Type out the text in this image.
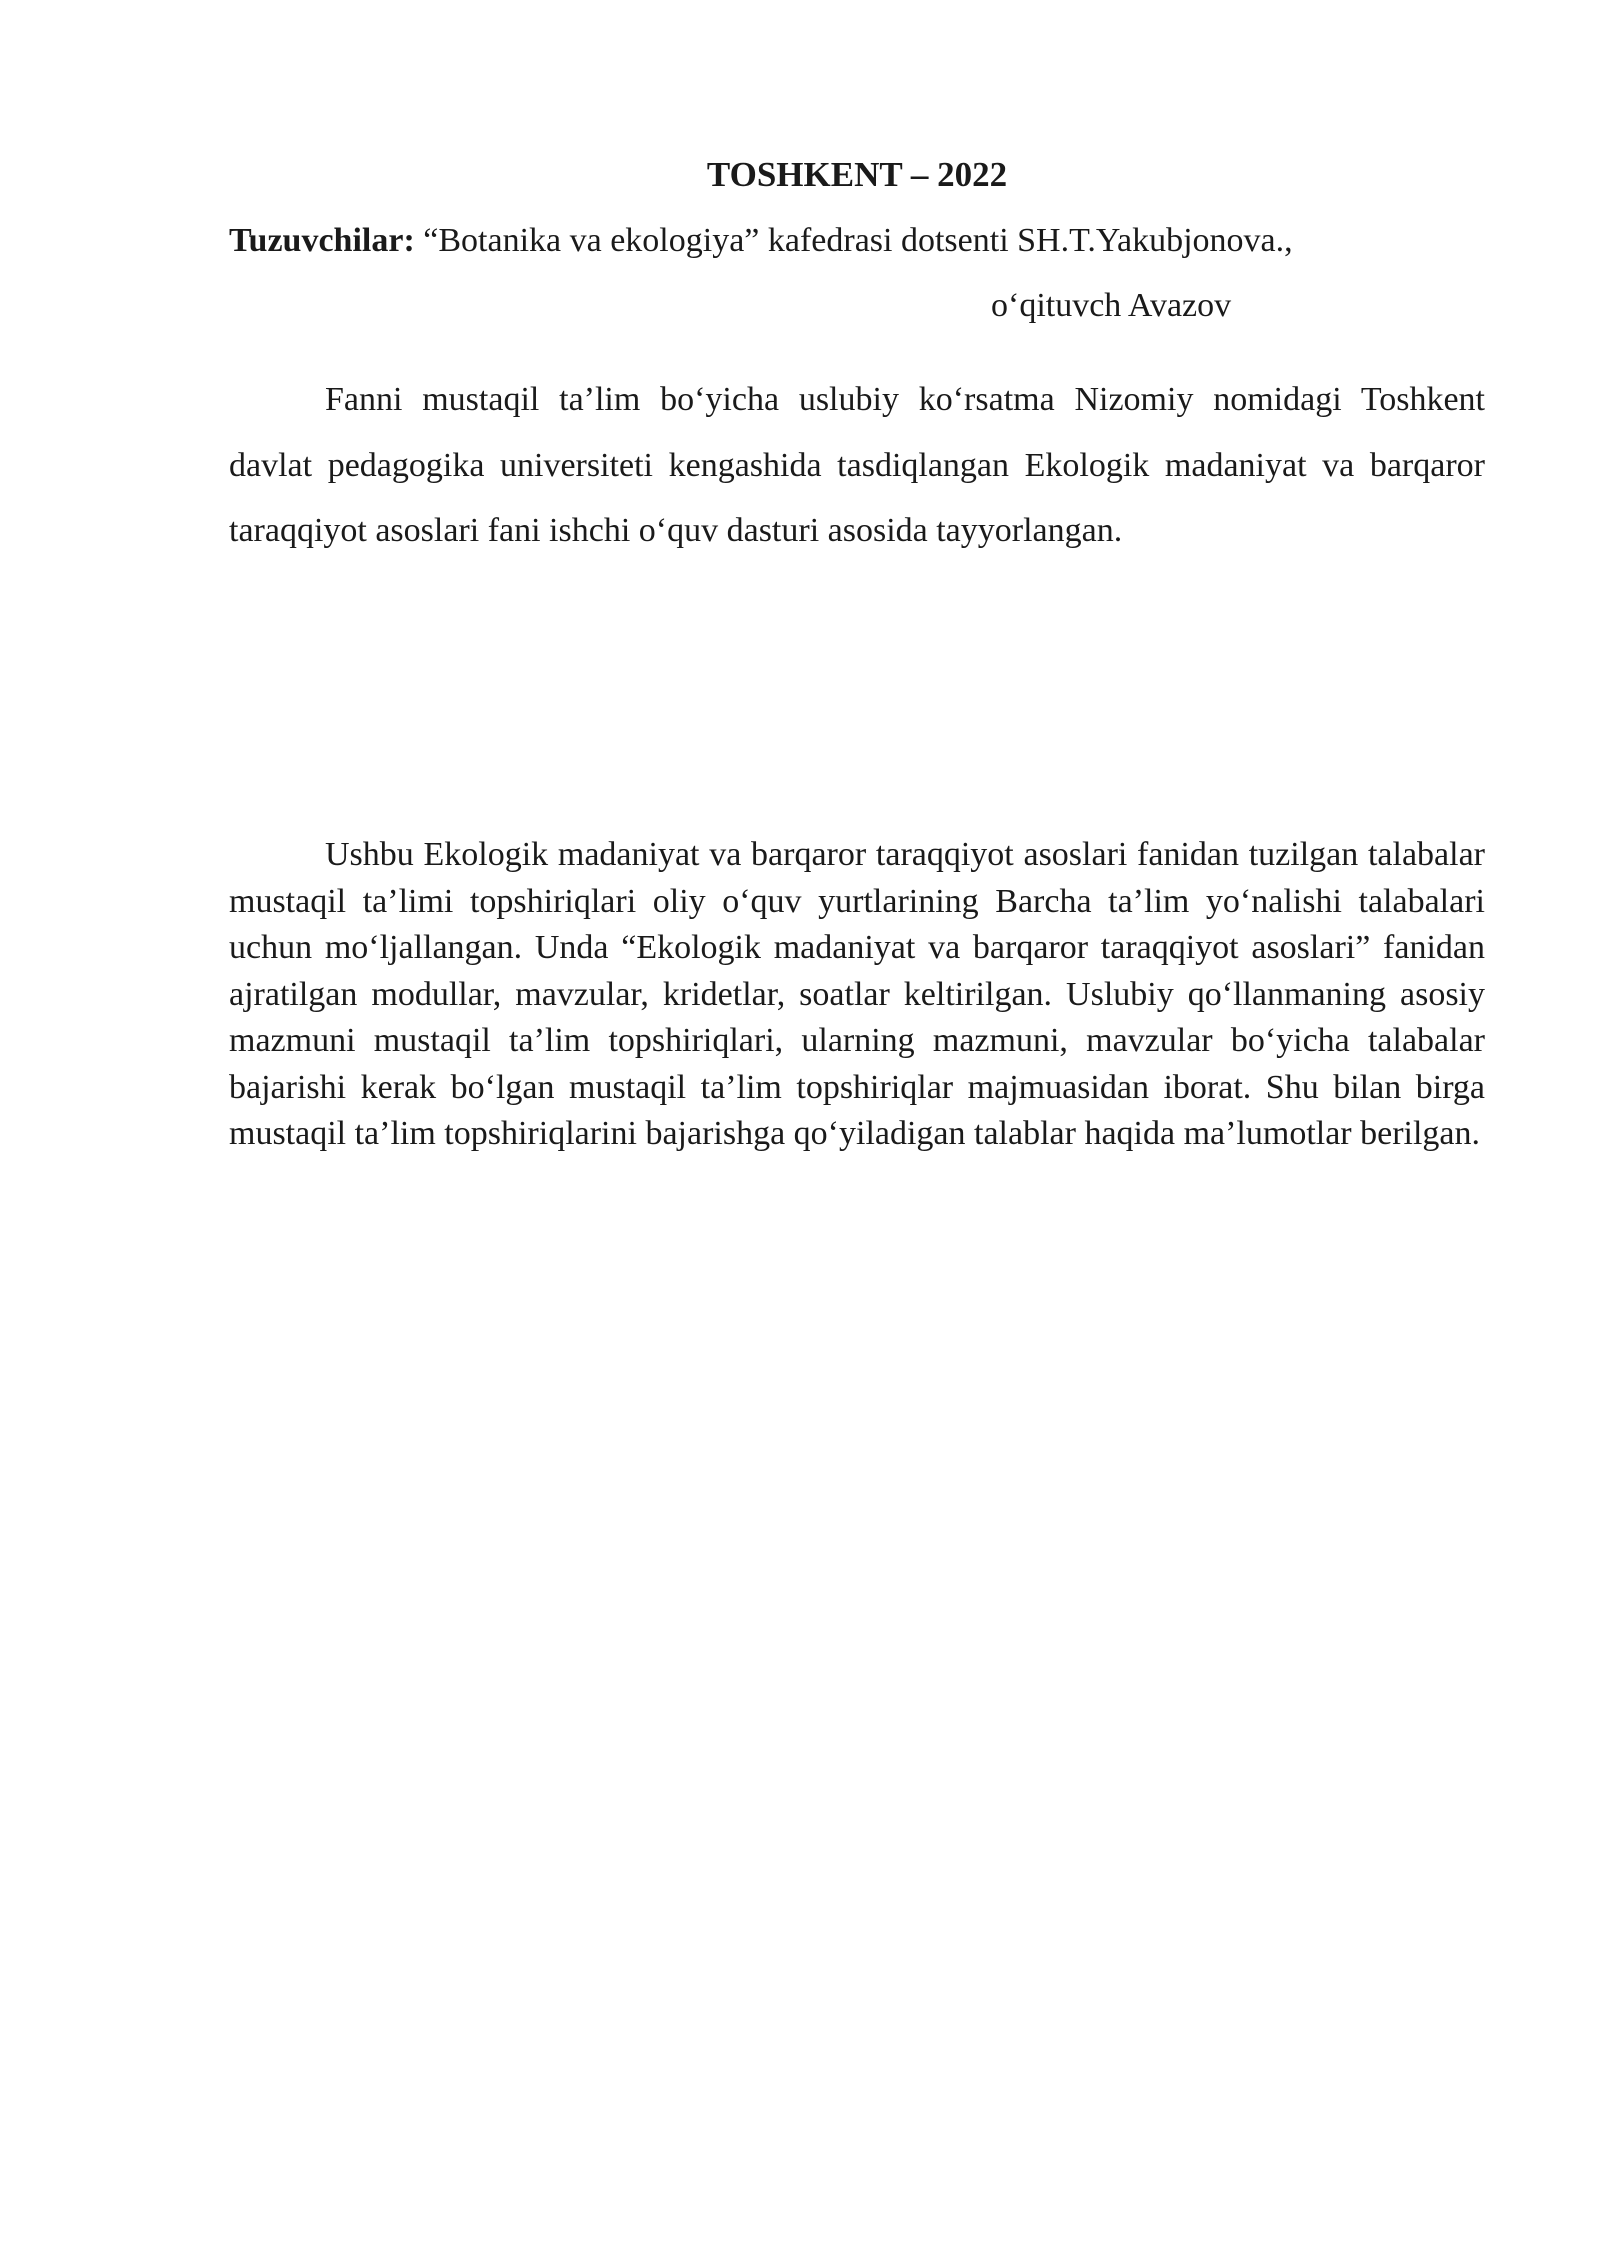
TOSHKENT – 2022

Tuzuvchilar: “Botanika va ekologiya” kafedrasi dotsenti SH.T.Yakubjonova.,

o‘qituvch Avazov

Fanni mustaqil ta’lim bo‘yicha uslubiy ko‘rsatma Nizomiy nomidagi Toshkent davlat pedagogika universiteti kengashida tasdiqlangan Ekologik madaniyat va barqaror taraqqiyot asoslari fani ishchi o‘quv dasturi asosida tayyorlangan.

Ushbu Ekologik madaniyat va barqaror taraqqiyot asoslari fanidan tuzilgan talabalar mustaqil ta’limi topshiriqlari oliy o‘quv yurtlarining Barcha ta’lim yo‘nalishi talabalari uchun mo‘ljallangan. Unda “Ekologik madaniyat va barqaror taraqqiyot asoslari” fanidan ajratilgan modullar, mavzular, kridetlar, soatlar keltirilgan. Uslubiy qo‘llanmaning asosiy mazmuni mustaqil ta’lim topshiriqlari, ularning mazmuni, mavzular bo‘yicha talabalar bajarishi kerak bo‘lgan mustaqil ta’lim topshiriqlar majmuasidan iborat. Shu bilan birga mustaqil ta’lim topshiriqlarini bajarishga qo‘yiladigan talablar haqida ma’lumotlar berilgan.
